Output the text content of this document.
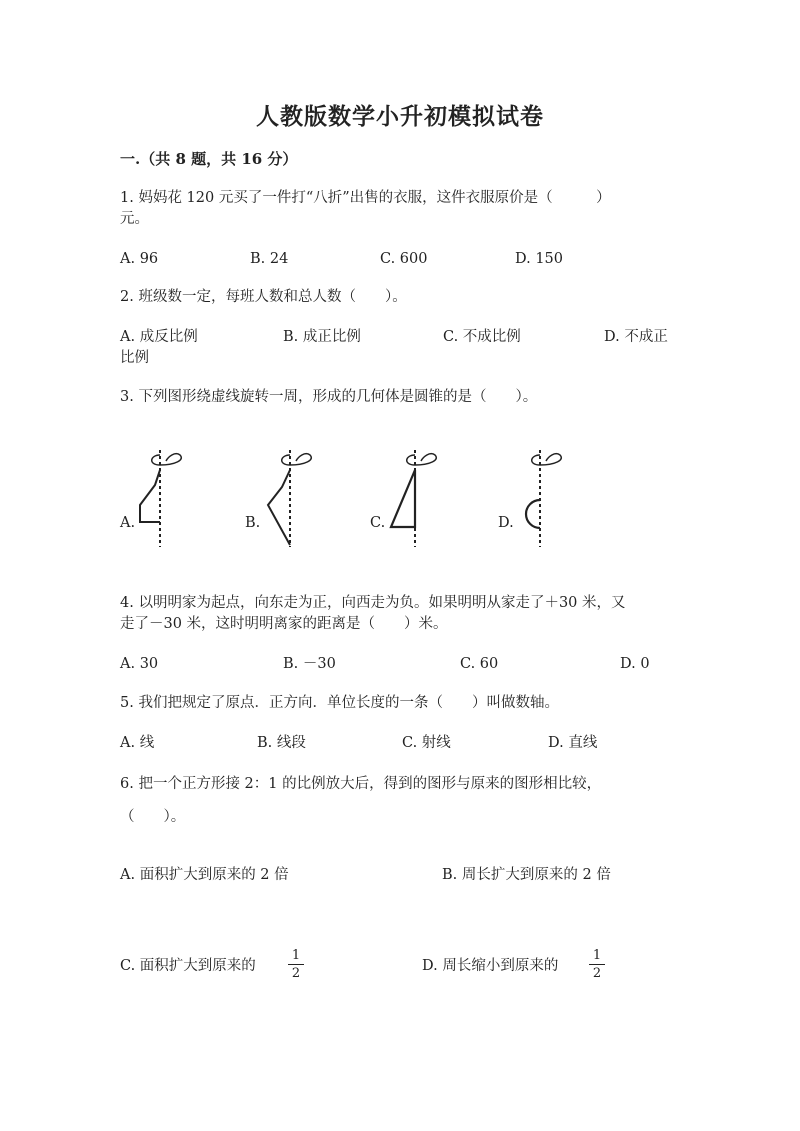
人教版数学小升初模拟试卷
一.（共 8 题，共 16 分）
1. 妈妈花 120 元买了一件打“八折”出售的衣服，这件衣服原价是（　　　）
元。
A. 96	B. 24	C. 600	D. 150
2. 班级数一定，每班人数和总人数（　　）。
A. 成反比例	B. 成正比例	C. 不成比例	D. 不成正
比例
3. 下列图形绕虚线旋转一周，形成的几何体是圆锥的是（　　）。
A.	B.	C.	D.
4. 以明明家为起点，向东走为正，向西走为负。如果明明从家走了＋30 米，又
走了－30 米，这时明明离家的距离是（　　）米。
A. 30	B. －30	C. 60	D. 0
5. 我们把规定了原点．正方向．单位长度的一条（　　）叫做数轴。
A. 线	B. 线段	C. 射线	D. 直线
6. 把一个正方形接 2：1 的比例放大后，得到的图形与原来的图形相比较，
（　　）。
A. 面积扩大到原来的 2 倍	B. 周长扩大到原来的 2 倍
C. 面积扩大到原来的
1
2	D. 周长缩小到原来的
1
2
